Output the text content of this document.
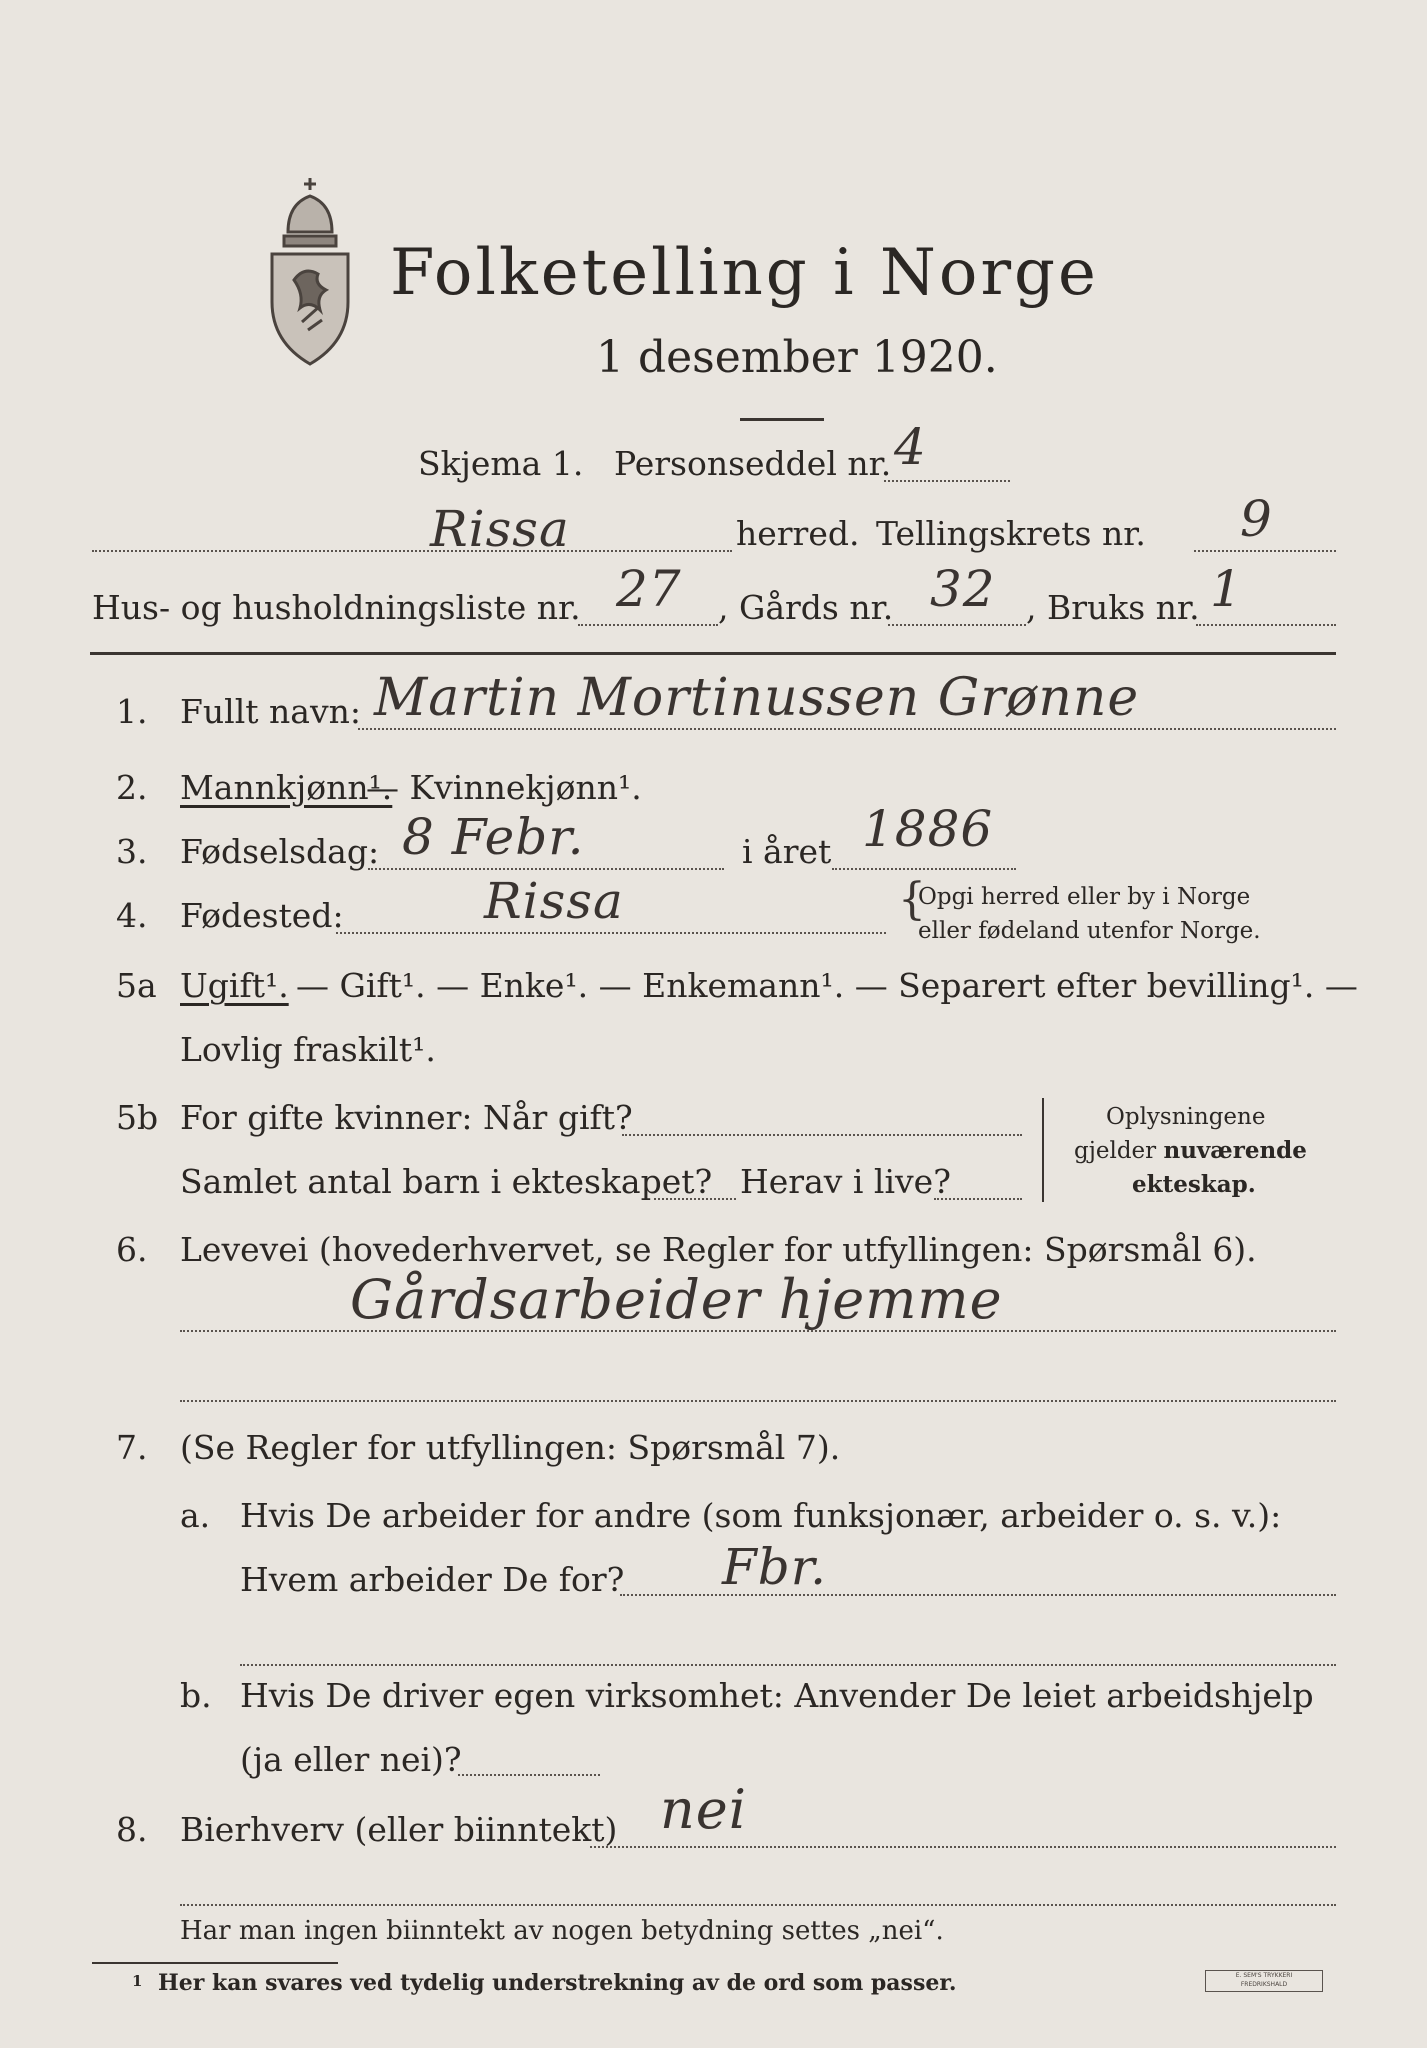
Folketelling i Norge
1 desember 1920.
Skjema 1. Personseddel nr. 4
Rissa	herred. Tellingskrets nr. 9
Hus- og husholdningsliste nr. 27 , Gårds nr. 32 , Bruks nr. 1
1. Fullt navn: Martin Mortinussen Grønne
2. Mannkjønn¹.
— Kvinnekjønn¹.
3. Fødselsdag: 8 Febr.	i året 1886
4. Fødested:	Rissa	{
Opgi herred eller by i Norge
eller fødeland utenfor Norge.
5a Ugift¹. — Gift¹. — Enke¹. — Enkemann¹. — Separert efter bevilling¹. —
Lovlig fraskilt¹.
5b For gifte kvinner: Når gift?
Samlet antal barn i ekteskapet? Herav i live?
Oplysningene
gjelder nuværende
ekteskap.
6. Levevei (hovederhvervet, se Regler for utfyllingen: Spørsmål 6).
Gårdsarbeider hjemme
7. (Se Regler for utfyllingen: Spørsmål 7).
a. Hvis De arbeider for andre (som funksjonær, arbeider o. s. v.):
Hvem arbeider De for? Fbr.
b. Hvis De driver egen virksomhet: Anvender De leiet arbeidshjelp
(ja eller nei)?
8. Bierhverv (eller biinntekt) nei
Har man ingen biinntekt av nogen betydning settes „nei“.
1 Her kan svares ved tydelig understrekning av de ord som passer.	E. SEM'S TRYKKERI
FREDRIKSHALD
